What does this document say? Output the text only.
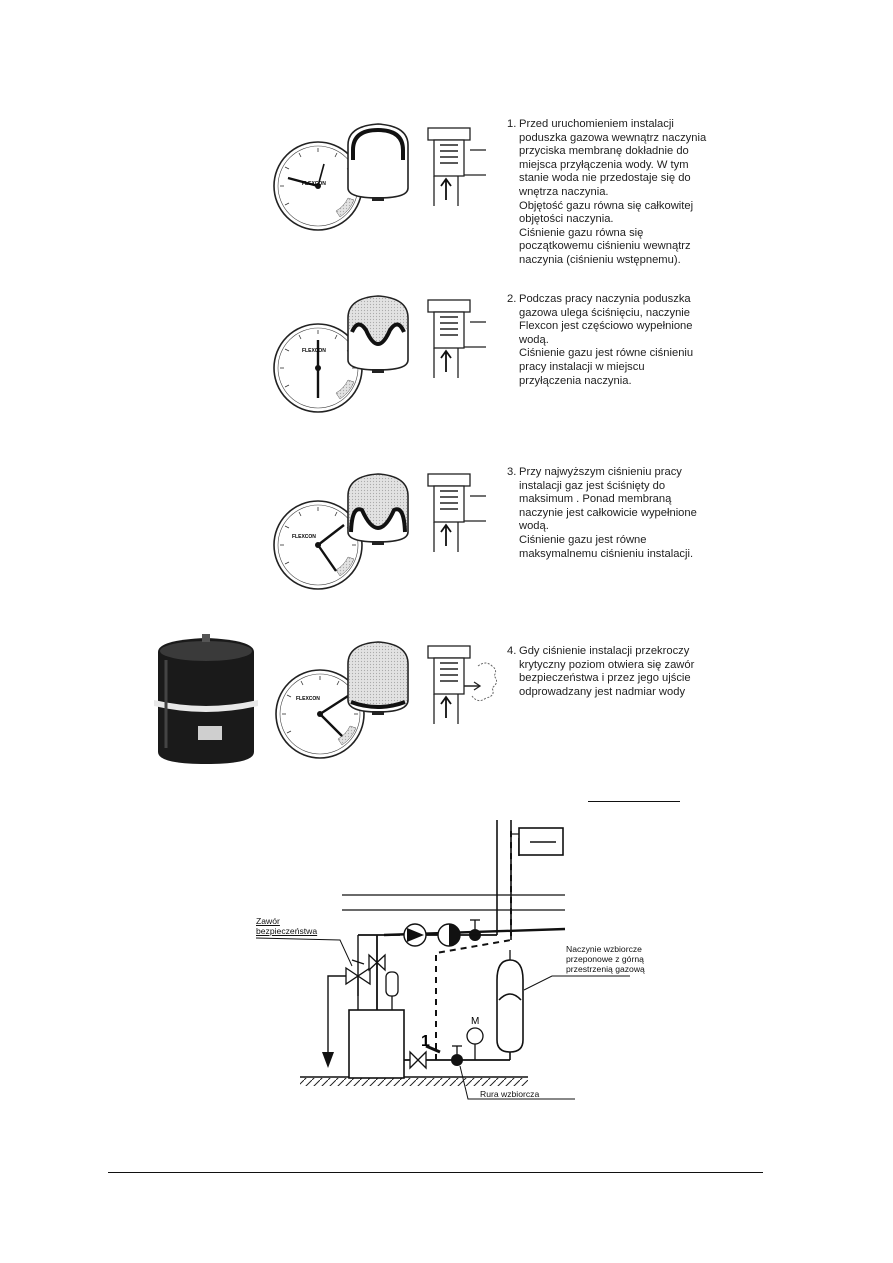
FLEXCON
FLEXCON
FLEXCON
FLEXCON
1. Przed uruchomieniem instalacji
poduszka gazowa wewnątrz naczynia
przyciska membranę dokładnie do
miejsca przyłączenia wody. W tym
stanie woda nie przedostaje się do
wnętrza naczynia.
Objętość gazu równa się całkowitej
objętości naczynia.
Ciśnienie gazu równa się
początkowemu ciśnieniu wewnątrz
naczynia (ciśnieniu wstępnemu).
2. Podczas pracy naczynia poduszka
gazowa ulega ściśnięciu, naczynie
Flexcon jest częściowo wypełnione
wodą.
Ciśnienie gazu jest równe ciśnieniu
pracy instalacji w miejscu
przyłączenia naczynia.
3. Przy najwyższym ciśnieniu pracy
instalacji gaz jest ściśnięty do
maksimum . Ponad membraną
naczynie jest całkowicie wypełnione
wodą.
Ciśnienie gazu jest równe
maksymalnemu ciśnieniu instalacji.
4. Gdy ciśnienie instalacji przekroczy
krytyczny poziom otwiera się zawór
bezpieczeństwa i przez jego ujście
odprowadzany jest nadmiar wody
1
M
Zawór
bezpieczeństwa
Naczynie wzbiorcze
przeponowe z górną
przestrzenią gazową
Rura wzbiorcza
